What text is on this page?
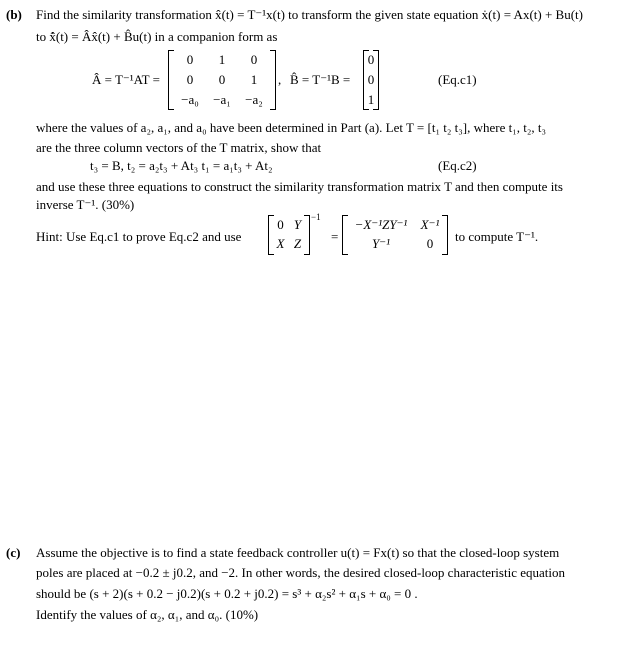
(b) Find the similarity transformation x̂(t) = T⁻¹x(t) to transform the given state equation ẋ(t) = Ax(t) + Bu(t)
to x̂̇(t) = Âx̂(t) + B̂u(t) in a companion form as
Â = T⁻¹AT =
0	1	0
0	0	1
−a₀	−a₁	−a₂
, B̂ = T⁻¹B =
0
0
1
(Eq.c1)
where the values of a₂, a₁, and a₀ have been determined in Part (a). Let T = [t₁ t₂ t₃], where t₁, t₂, t₃
are the three column vectors of the T matrix, show that
t₃ = B, t₂ = a₂t₃ + At₃ t₁ = a₁t₃ + At₂	(Eq.c2)
and use these three equations to construct the similarity transformation matrix T and then compute its
inverse T⁻¹. (30%)
Hint: Use Eq.c1 to prove Eq.c2 and use
0 Y
X Z
−1
=
−X⁻¹ZY⁻¹	X⁻¹
Y⁻¹	0	to compute T⁻¹.
(c) Assume the objective is to find a state feedback controller u(t) = Fx(t) so that the closed-loop system
poles are placed at −0.2 ± j0.2, and −2. In other words, the desired closed-loop characteristic equation
should be (s + 2)(s + 0.2 − j0.2)(s + 0.2 + j0.2) = s³ + α₂s² + α₁s + α₀ = 0 .
Identify the values of α₂, α₁, and α₀. (10%)
